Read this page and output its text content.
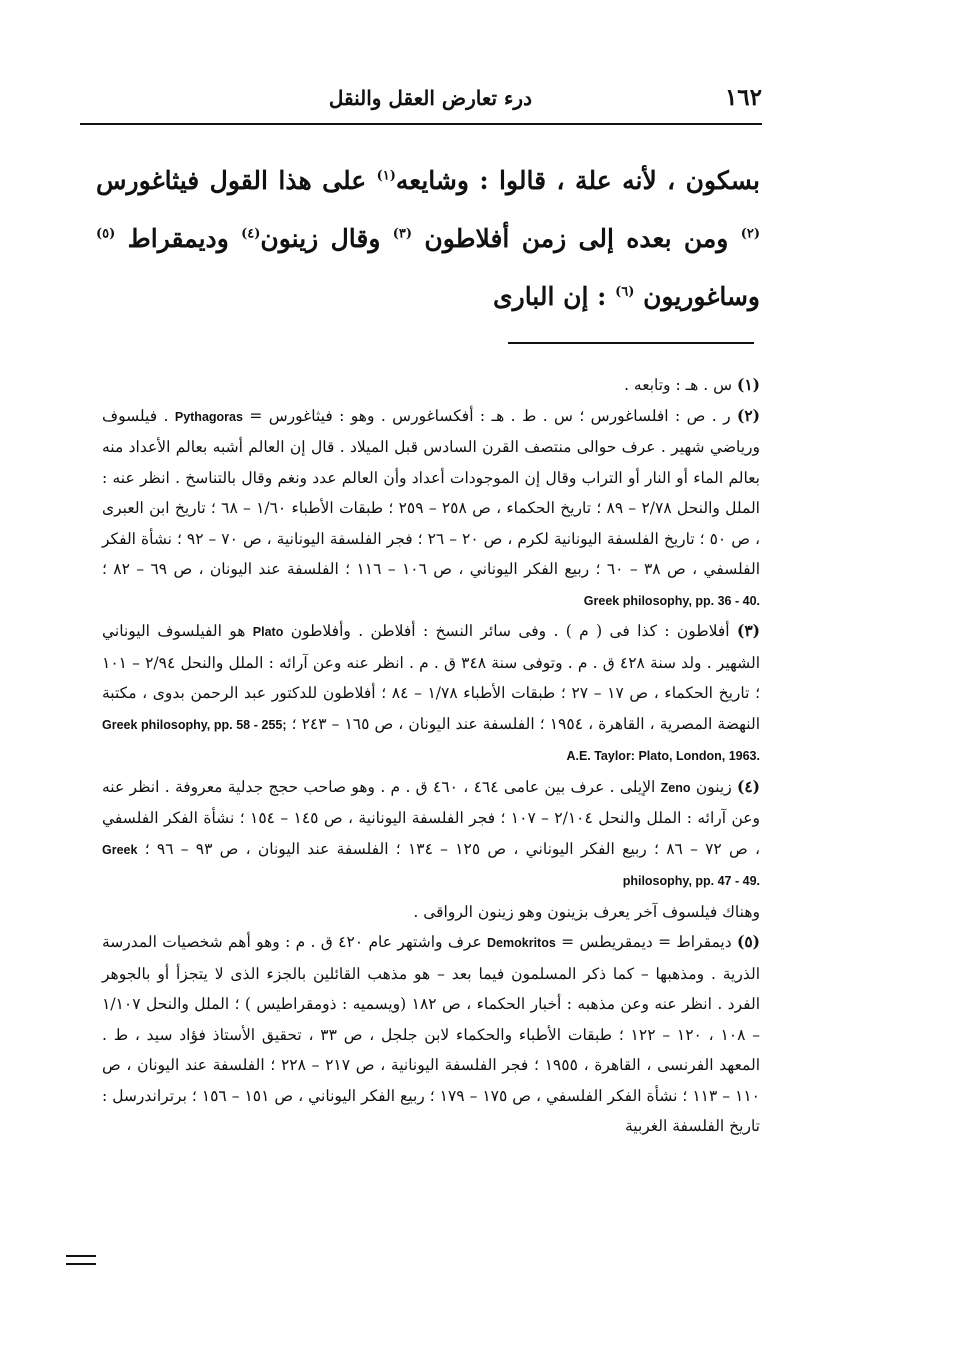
١٦٢
درء تعارض العقل والنقل

بسكون ، لأنه علة ، قالوا : وشايعه$^{(١)}$ على هذا القول فيثاغورس $^{(٢)}$ ومن بعده إلى زمن أفلاطون $^{(٣)}$ وقال زينون$^{(٤)}$ وديمقراط $^{(٥)}$ وساغوريون $^{(٦)}$ : إن البارى

(١) س . هـ : وتابعه .

(٢) ر . ص : افلساغورس ؛ س . ط . هـ : أفكساغورس . وهو : فيثاغورس = Pythagoras . فيلسوف ورياضي شهير . عرف حوالى منتصف القرن السادس قبل الميلاد . قال إن العالم أشبه بعالم الأعداد منه بعالم الماء أو النار أو التراب وقال إن الموجودات أعداد وأن العالم عدد ونغم وقال بالتناسخ . انظر عنه : الملل والنحل ٢/٧٨ – ٨٩ ؛ تاريخ الحكماء ، ص ٢٥٨ – ٢٥٩ ؛ طبقات الأطباء ١/٦٠ – ٦٨ ؛ تاريخ ابن العبرى ، ص ٥٠ ؛ تاريخ الفلسفة اليونانية لكرم ، ص ٢٠ – ٢٦ ؛ فجر الفلسفة اليونانية ، ص ٧٠ – ٩٢ ؛ نشأة الفكر الفلسفي ، ص ٣٨ – ٦٠ ؛ ربيع الفكر اليوناني ، ص ١٠٦ – ١١٦ ؛ الفلسفة عند اليونان ، ص ٦٩ – ٨٢ ؛ Greek philosophy, pp. 36 - 40.

(٣) أفلاطون : كذا فى ( م ) . وفى سائر النسخ : أفلاطن . وأفلاطون Plato هو الفيلسوف اليوناني الشهير . ولد سنة ٤٢٨ ق . م . وتوفى سنة ٣٤٨ ق . م . انظر عنه وعن آرائه : الملل والنحل ٢/٩٤ – ١٠١ ؛ تاريخ الحكماء ، ص ١٧ – ٢٧ ؛ طبقات الأطباء ١/٧٨ – ٨٤ ؛ أفلاطون للدكتور عبد الرحمن بدوى ، مكتبة النهضة المصرية ، القاهرة ، ١٩٥٤ ؛ الفلسفة عند اليونان ، ص ١٦٥ – ٢٤٣ ؛ Greek philosophy, pp. 58 - 255; A.E. Taylor: Plato, London, 1963.

(٤) زينون Zeno الإيلى . عرف بين عامى ٤٦٤ ، ٤٦٠ ق . م . وهو صاحب حجج جدلية معروفة . انظر عنه وعن آرائه : الملل والنحل ٢/١٠٤ – ١٠٧ ؛ فجر الفلسفة اليونانية ، ص ١٤٥ – ١٥٤ ؛ نشأة الفكر الفلسفي ، ص ٧٢ – ٨٦ ؛ ربيع الفكر اليوناني ، ص ١٢٥ – ١٣٤ ؛ الفلسفة عند اليونان ، ص ٩٣ – ٩٦ ؛ Greek philosophy, pp. 47 - 49.

وهناك فيلسوف آخر يعرف بزينون وهو زينون الرواقى .

(٥) ديمقراط = ديمقريطس = Demokritos عرف واشتهر عام ٤٢٠ ق . م : وهو أهم شخصيات المدرسة الذرية . ومذهبها – كما ذكر المسلمون فيما بعد – هو مذهب القائلين بالجزء الذى لا يتجزأ أو بالجوهر الفرد . انظر عنه وعن مذهبه : أخبار الحكماء ، ص ١٨٢ (ويسميه : ذومقراطيس ) ؛ الملل والنحل ١/١٠٧ – ١٠٨ ، ١٢٠ – ١٢٢ ؛ طبقات الأطباء والحكماء لابن جلجل ، ص ٣٣ ، تحقيق الأستاذ فؤاد سيد ، ط . المعهد الفرنسى ، القاهرة ، ١٩٥٥ ؛ فجر الفلسفة اليونانية ، ص ٢١٧ – ٢٢٨ ؛ الفلسفة عند اليونان ، ص ١١٠ – ١١٣ ؛ نشأة الفكر الفلسفي ، ص ١٧٥ – ١٧٩ ؛ ربيع الفكر اليوناني ، ص ١٥١ – ١٥٦ ؛ برتراندرسل : تاريخ الفلسفة الغربية
